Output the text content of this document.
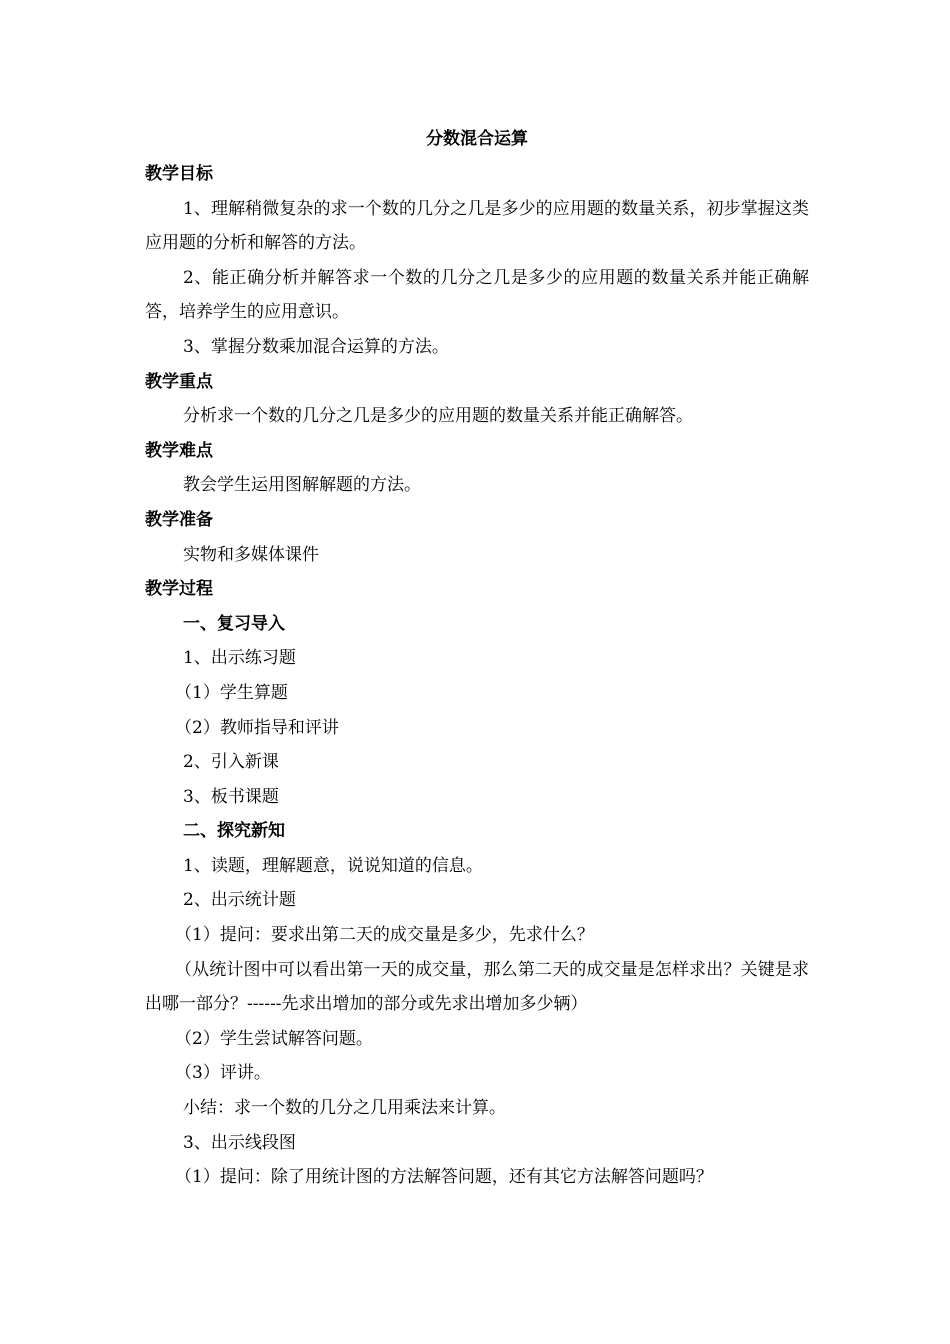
分数混合运算
教学目标
1、理解稍微复杂的求一个数的几分之几是多少的应用题的数量关系，初步掌握这类应用题的分析和解答的方法。
2、能正确分析并解答求一个数的几分之几是多少的应用题的数量关系并能正确解答，培养学生的应用意识。
3、掌握分数乘加混合运算的方法。
教学重点
分析求一个数的几分之几是多少的应用题的数量关系并能正确解答。
教学难点
教会学生运用图解解题的方法。
教学准备
实物和多媒体课件
教学过程
一、复习导入
1、出示练习题
（1）学生算题
（2）教师指导和评讲
2、引入新课
3、板书课题
二、探究新知
1、读题，理解题意，说说知道的信息。
2、出示统计题
（1）提问：要求出第二天的成交量是多少，先求什么？
（从统计图中可以看出第一天的成交量，那么第二天的成交量是怎样求出？关键是求出哪一部分？------先求出增加的部分或先求出增加多少辆）
（2）学生尝试解答问题。
（3）评讲。
小结：求一个数的几分之几用乘法来计算。
3、出示线段图
（1）提问：除了用统计图的方法解答问题，还有其它方法解答问题吗？
